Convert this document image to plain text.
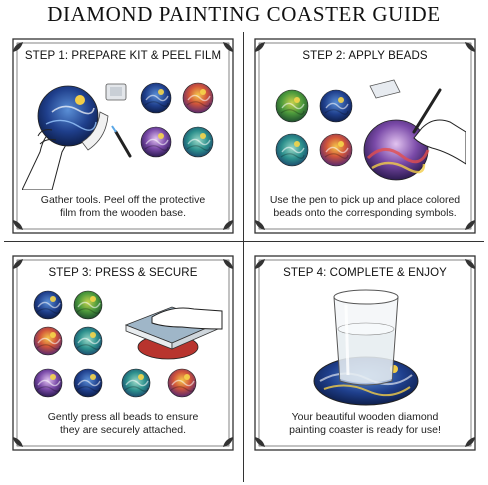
DIAMOND PAINTING COASTER GUIDE
STEP 1: PREPARE KIT & PEEL FILM
Gather tools. Peel off the protective
film from the wooden base.
STEP 2: APPLY BEADS
Use the pen to pick up and place colored
beads onto the corresponding symbols.
STEP 3: PRESS & SECURE
Gently press all beads to ensure
they are securely attached.
STEP 4: COMPLETE & ENJOY
Your beautiful wooden diamond
painting coaster is ready for use!
